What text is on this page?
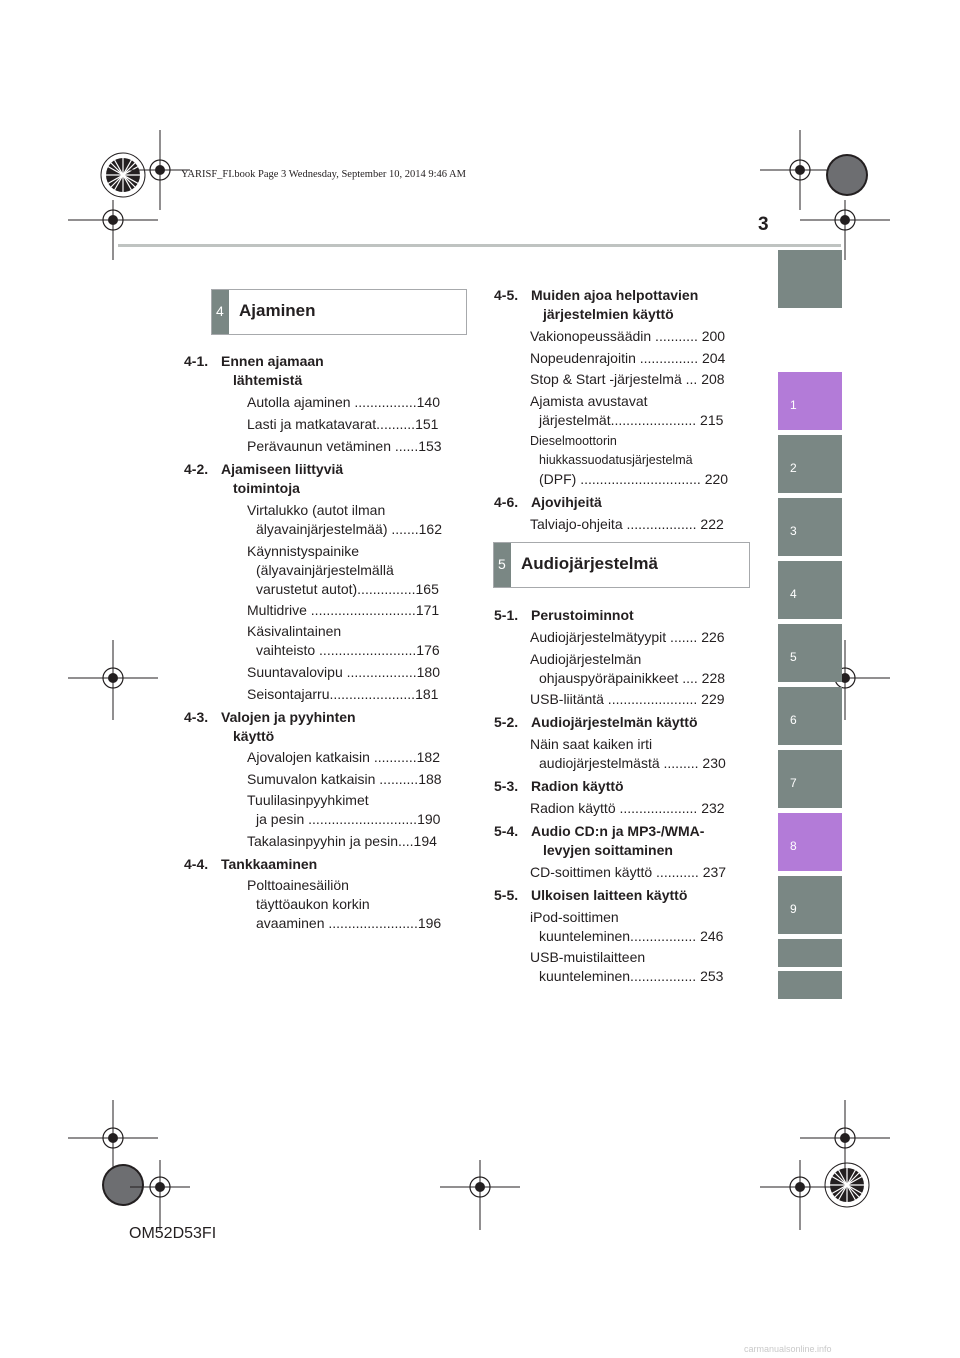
YARISF_FI.book Page 3 Wednesday, September 10, 2014 9:46 AM
3
1
2
3
4
5
6
7
8
9
4 Ajaminen
4-1. Ennen ajamaan
lähtemistä
Autolla ajaminen ................140
Lasti ja matkatavarat..........151
Perävaunun vetäminen ......153
4-2. Ajamiseen liittyviä
toimintoja
Virtalukko (autot ilman
älyavainjärjestelmää) .......162
Käynnistyspainike
(älyavainjärjestelmällä
varustetut autot)...............165
Multidrive ...........................171
Käsivalintainen
vaihteisto .........................176
Suuntavalovipu ..................180
Seisontajarru......................181
4-3. Valojen ja pyyhinten
käyttö
Ajovalojen katkaisin ...........182
Sumuvalon katkaisin ..........188
Tuulilasinpyyhkimet
ja pesin ............................190
Takalasinpyyhin ja pesin....194
4-4. Tankkaaminen
Polttoainesäiliön
täyttöaukon korkin
avaaminen .......................196
4-5. Muiden ajoa helpottavien
järjestelmien käyttö
Vakionopeussäädin ........... 200
Nopeudenrajoitin ............... 204
Stop & Start -järjestelmä ... 208
Ajamista avustavat
järjestelmät...................... 215
Dieselmoottorin
hiukkassuodatusjärjestelmä
(DPF) ............................... 220
4-6. Ajovihjeitä
Talviajo-ohjeita .................. 222
5 Audiojärjestelmä
5-1. Perustoiminnot
Audiojärjestelmätyypit ....... 226
Audiojärjestelmän
ohjauspyöräpainikkeet .... 228
USB-liitäntä ....................... 229
5-2. Audiojärjestelmän käyttö
Näin saat kaiken irti
audiojärjestelmästä ......... 230
5-3. Radion käyttö
Radion käyttö .................... 232
5-4. Audio CD:n ja MP3-/WMA-
levyjen soittaminen
CD-soittimen käyttö ........... 237
5-5. Ulkoisen laitteen käyttö
iPod-soittimen
kuunteleminen................. 246
USB-muistilaitteen
kuunteleminen................. 253
OM52D53FI
carmanualsonline.info
